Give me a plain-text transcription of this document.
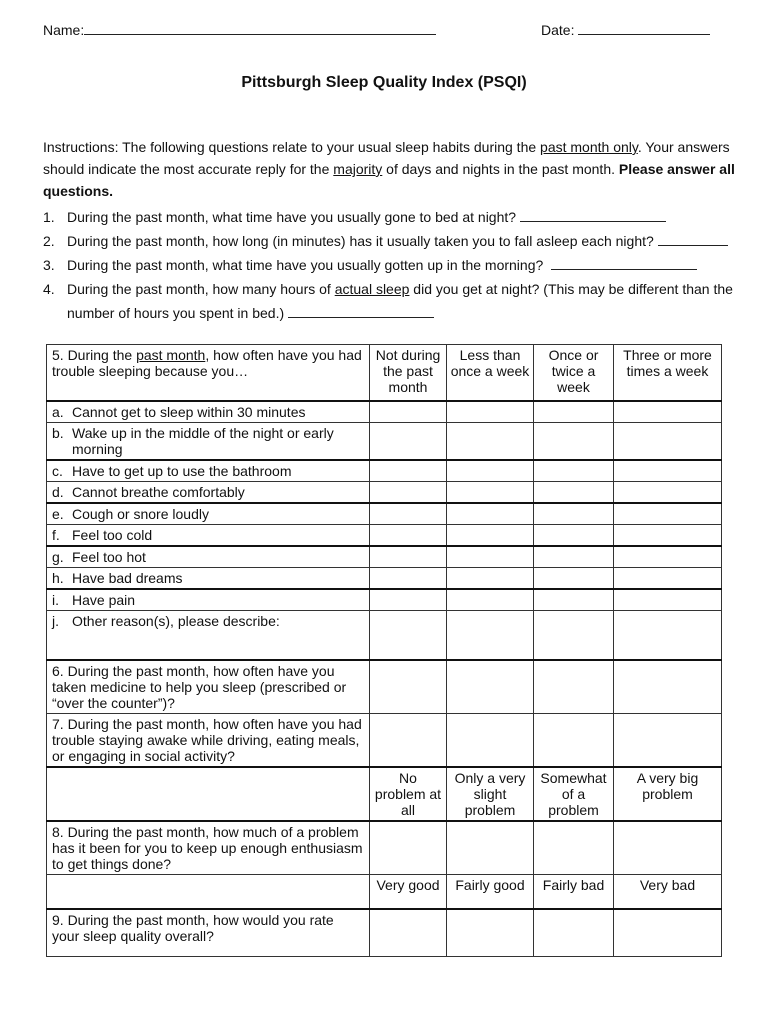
Name:	Date:
Pittsburgh Sleep Quality Index (PSQI)
Instructions: The following questions relate to your usual sleep habits during the past month only. Your answers should indicate the most accurate reply for the majority of days and nights in the past month. Please answer all questions.
1. During the past month, what time have you usually gone to bed at night?
2. During the past month, how long (in minutes) has it usually taken you to fall asleep each night?
3. During the past month, what time have you usually gotten up in the morning?
4. During the past month, how many hours of actual sleep did you get at night? (This may be different than the
number of hours you spent in bed.)
5. During the past month, how often have you had trouble sleeping because you…	Not during the past month	Less than once a week	Once or twice a week	Three or more times a week

a. Cannot get to sleep within 30 minutes				

b. Wake up in the middle of the night or early morning				

c. Have to get up to use the bathroom				

d. Cannot breathe comfortably				

e. Cough or snore loudly				

f. Feel too cold				

g. Feel too hot				

h. Have bad dreams				

i. Have pain				

j. Other reason(s), please describe:				

6. During the past month, how often have you taken medicine to help you sleep (prescribed or “over the counter”)?				
7. During the past month, how often have you had trouble staying awake while driving, eating meals, or engaging in social activity?				
	No problem at all	Only a very slight problem	Somewhat of a problem	A very big problem
8. During the past month, how much of a problem has it been for you to keep up enough enthusiasm to get things done?				
	Very good	Fairly good	Fairly bad	Very bad
9. During the past month, how would you rate your sleep quality overall?				
